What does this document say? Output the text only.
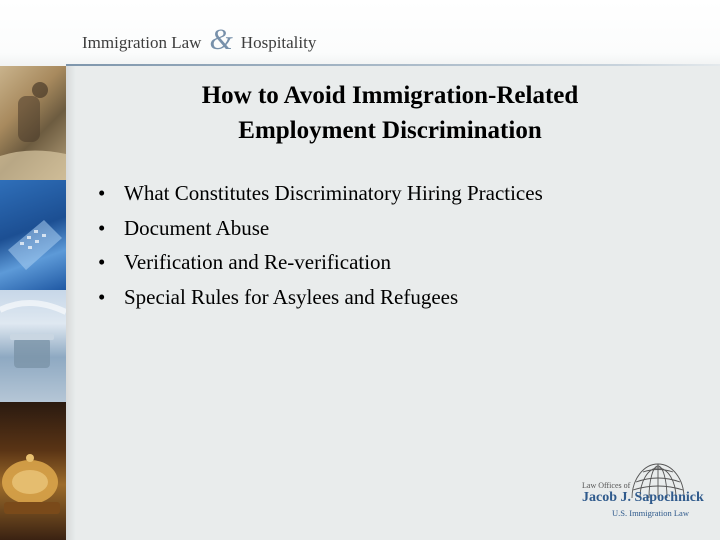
Immigration Law & Hospitality
How to Avoid Immigration-Related
Employment Discrimination
• What Constitutes Discriminatory Hiring Practices
• Document Abuse
• Verification and Re-verification
• Special Rules for Asylees and Refugees
Law Offices of
Jacob J. Sapochnick
U.S. Immigration Law
